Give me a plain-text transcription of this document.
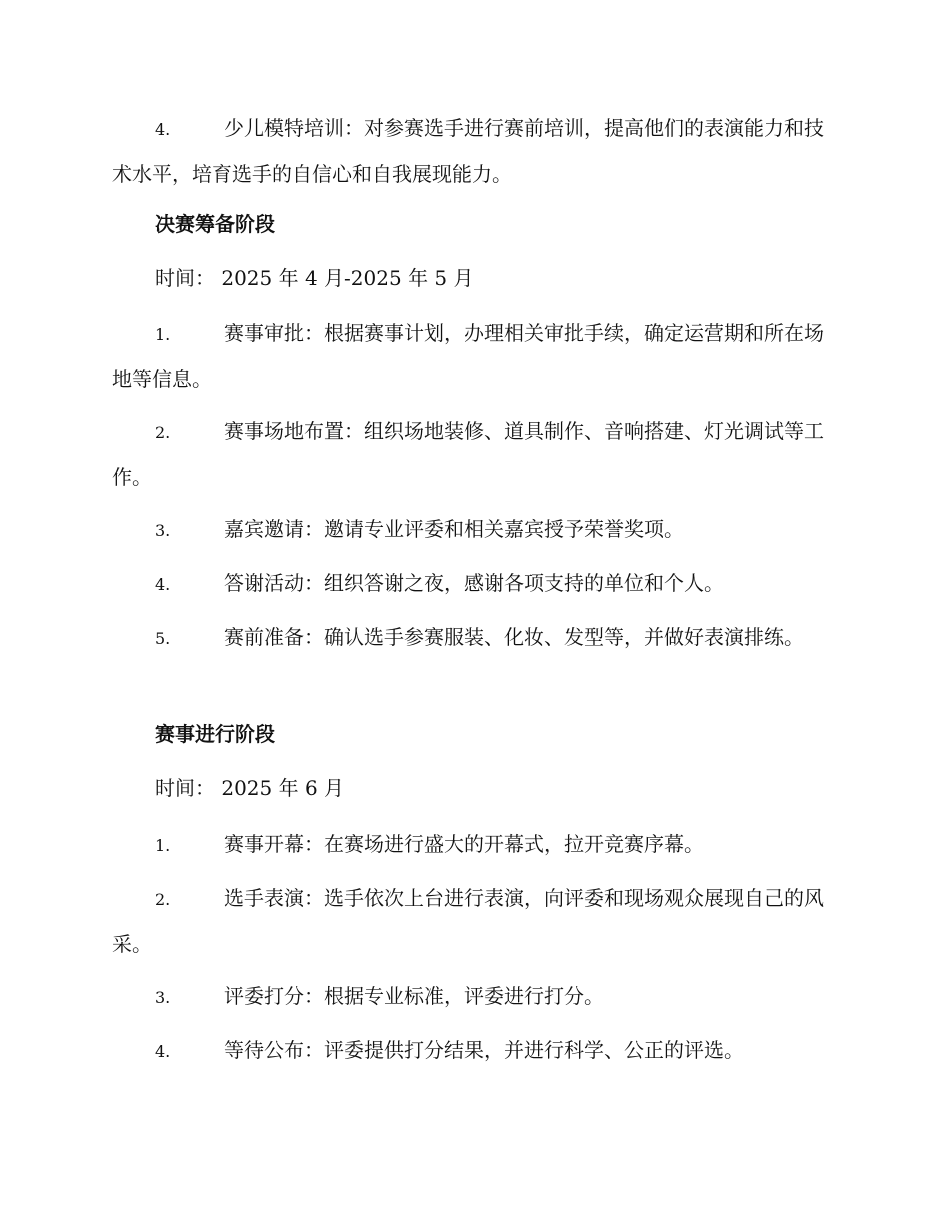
4.	少儿模特培训：对参赛选手进行赛前培训，提高他们的表演能力和技术水平，培育选手的自信心和自我展现能力。
决赛筹备阶段
时间： 2025 年 4 月-2025 年 5 月
1.	赛事审批：根据赛事计划，办理相关审批手续，确定运营期和所在场地等信息。
2.	赛事场地布置：组织场地装修、道具制作、音响搭建、灯光调试等工作。
3.	嘉宾邀请：邀请专业评委和相关嘉宾授予荣誉奖项。
4.	答谢活动：组织答谢之夜，感谢各项支持的单位和个人。
5.	赛前准备：确认选手参赛服装、化妆、发型等，并做好表演排练。
赛事进行阶段
时间： 2025 年 6 月
1.	赛事开幕：在赛场进行盛大的开幕式，拉开竞赛序幕。
2.	选手表演：选手依次上台进行表演，向评委和现场观众展现自己的风采。
3.	评委打分：根据专业标准，评委进行打分。
4.	等待公布：评委提供打分结果，并进行科学、公正的评选。
